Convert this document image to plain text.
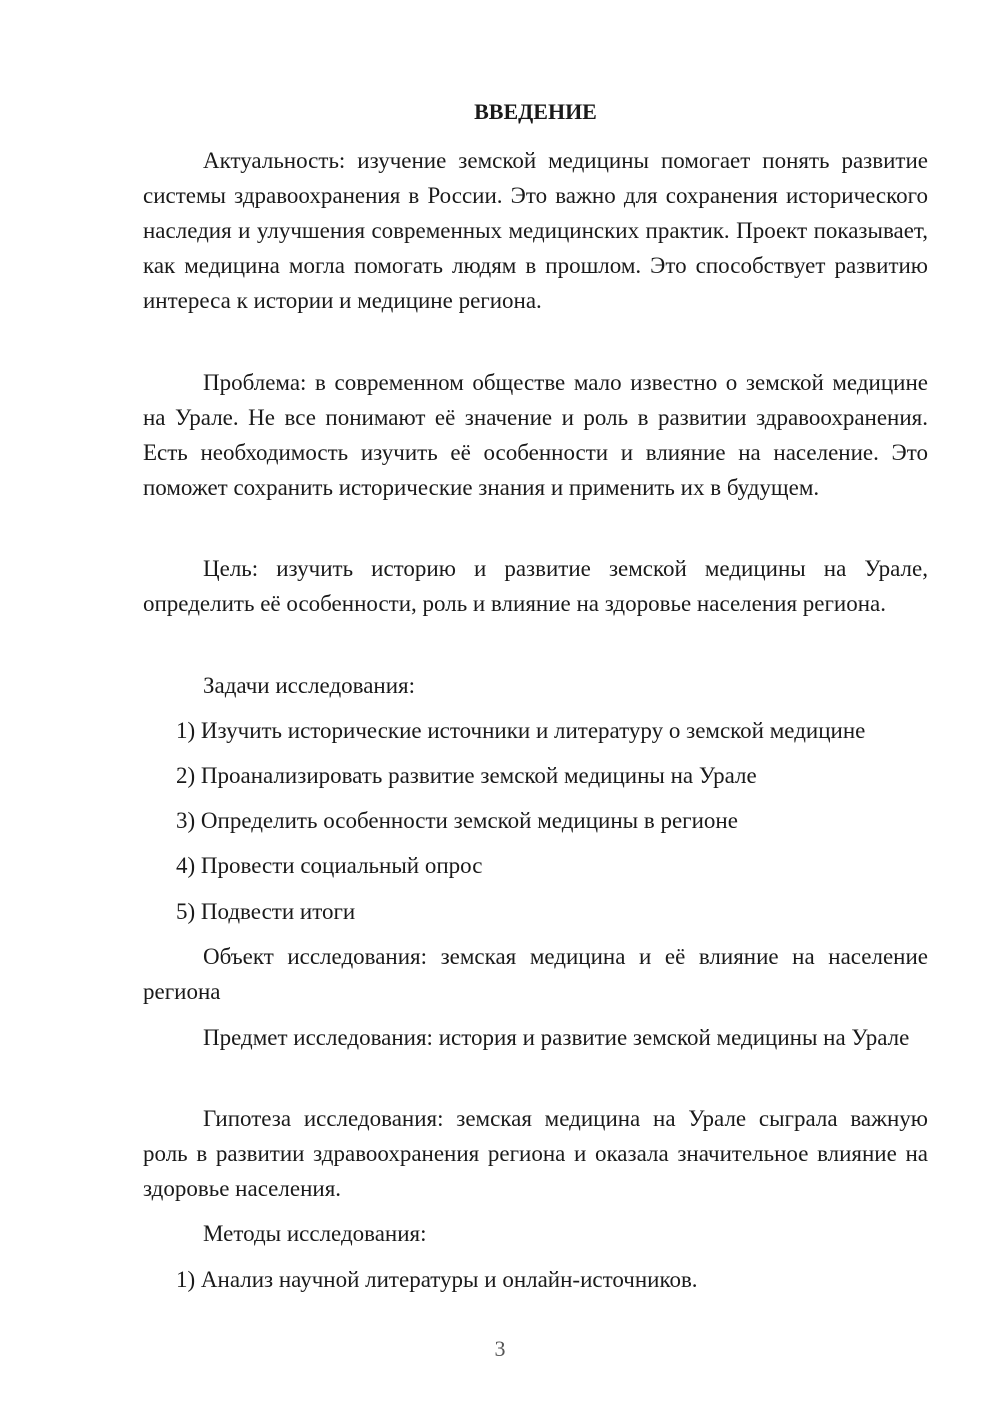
ВВЕДЕНИЕ

Актуальность: изучение земской медицины помогает понять развитие системы здравоохранения в России. Это важно для сохранения исторического наследия и улучшения современных медицинских практик. Проект показывает, как медицина могла помогать людям в прошлом. Это способствует развитию интереса к истории и медицине региона.

Проблема: в современном обществе мало известно о земской медицине на Урале. Не все понимают её значение и роль в развитии здравоохранения. Есть необходимость изучить её особенности и влияние на население. Это поможет сохранить исторические знания и применить их в будущем.

Цель: изучить историю и развитие земской медицины на Урале, определить её особенности, роль и влияние на здоровье населения региона.

Задачи исследования:

1) Изучить исторические источники и литературу о земской медицине

2) Проанализировать развитие земской медицины на Урале

3) Определить особенности земской медицины в регионе

4) Провести социальный опрос

5) Подвести итоги

Объект исследования: земская медицина и её влияние на население региона

Предмет исследования: история и развитие земской медицины на Урале

Гипотеза исследования: земская медицина на Урале сыграла важную роль в развитии здравоохранения региона и оказала значительное влияние на здоровье населения.

Методы исследования:

1) Анализ научной литературы и онлайн-источников.

3
